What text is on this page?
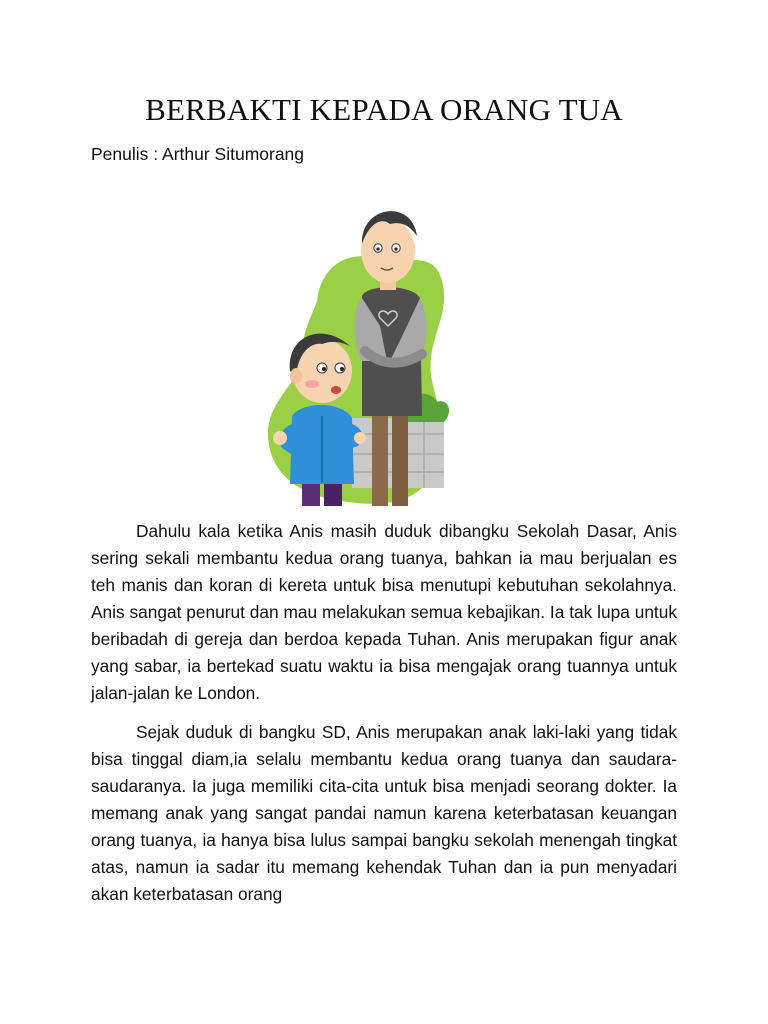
BERBAKTI KEPADA ORANG TUA
Penulis : Arthur Situmorang

Dahulu kala ketika Anis masih duduk dibangku Sekolah Dasar, Anis sering sekali membantu kedua orang tuanya, bahkan ia mau berjualan es teh manis dan koran di kereta untuk bisa menutupi kebutuhan sekolahnya. Anis sangat penurut dan mau melakukan semua kebajikan. Ia tak lupa untuk beribadah di gereja dan berdoa kepada Tuhan. Anis merupakan figur anak yang sabar, ia bertekad suatu waktu ia bisa mengajak orang tuannya untuk jalan-jalan ke London.

Sejak duduk di bangku SD, Anis merupakan anak laki-laki yang tidak bisa tinggal diam,ia selalu membantu kedua orang tuanya dan saudara-saudaranya. Ia juga memiliki cita-cita untuk bisa menjadi seorang dokter. Ia memang anak yang sangat pandai namun karena keterbatasan keuangan orang tuanya, ia hanya bisa lulus sampai bangku sekolah menengah tingkat atas, namun ia sadar itu memang kehendak Tuhan dan ia pun menyadari akan keterbatasan orang
